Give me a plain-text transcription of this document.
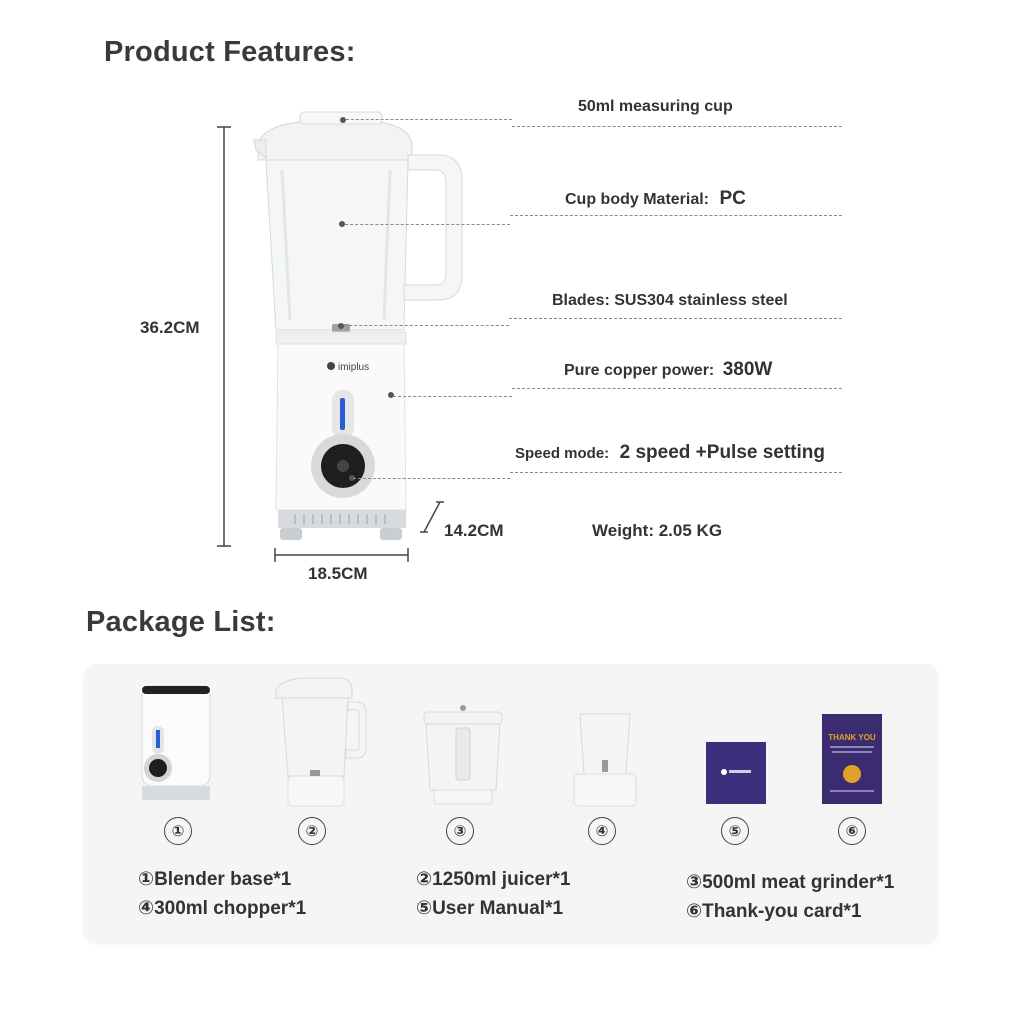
Product Features:
Package List:
imiplus
50ml measuring cup
Cup body Material: PC
Blades: SUS304 stainless steel
Pure copper power: 380W
Speed mode: 2 speed +Pulse setting
Weight: 2.05 KG
36.2CM
18.5CM
14.2CM
THANK YOU
①	②	③	④	⑤	⑥
①Blender base*1
④300ml chopper*1
②1250ml juicer*1
⑤User Manual*1
③500ml meat grinder*1
⑥Thank-you card*1
